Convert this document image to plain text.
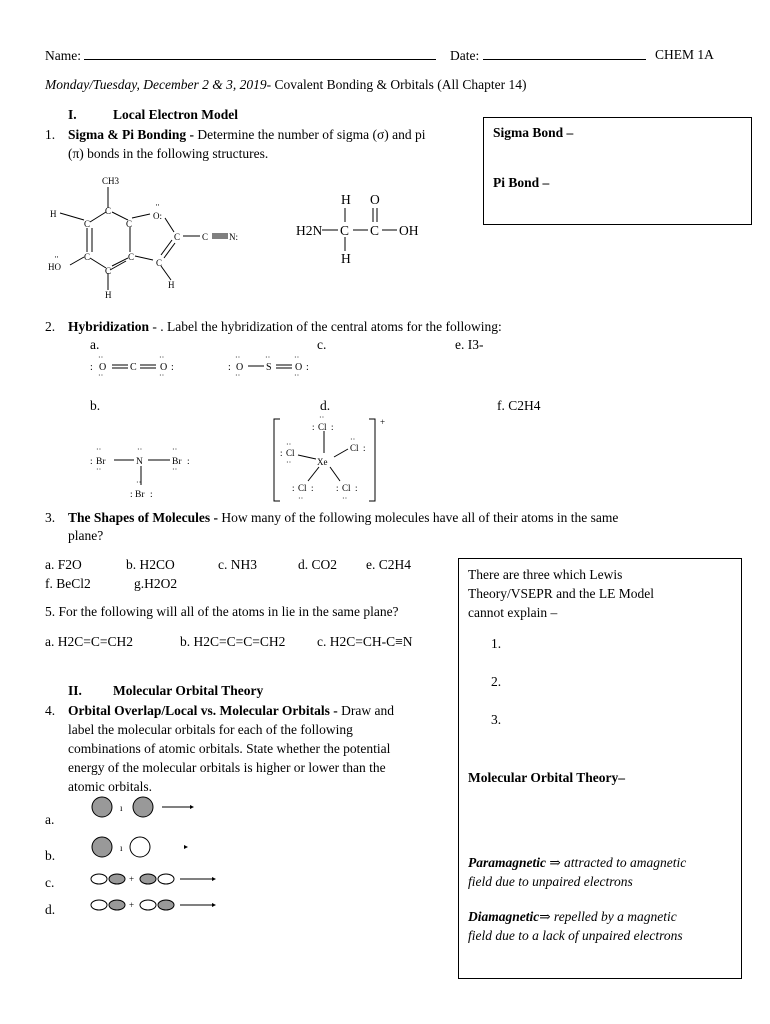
Name:	Date:	CHEM 1A
Monday/Tuesday, December 2 & 3, 2019- Covalent Bonding & Orbitals (All Chapter 14)
I.	Local Electron Model
1. Sigma & Pi Bonding - Determine the number of sigma (σ) and pi
(π) bonds in the following structures.
Sigma Bond –
Pi Bond –
CH3
H
C
C
C
C
C
C
O:
··
C
C
C N:
HO
··
H
H
H O
H2N C C OH
H
2. Hybridization - . Label the hybridization of the central atoms for the following:
a.	c.	e. I3-
b.	d.	f. C2H4
: O C O :
··
··
··
··
: O S O :
··
··
··	··
··
: Br	N	Br :
: Br :
··
··
··	··
··
··
+
: Cl :
: Cl	Cl :
Xe
: Cl : : Cl :
··
··
··
··
··	··
3. The Shapes of Molecules - How many of the following molecules have all of their atoms in the same
plane?
a. F2O	b. H2CO	c. NH3	d. CO2 e. C2H4
f. BeCl2	g.H2O2
5. For the following will all of the atoms in lie in the same plane?
a. H2C=C=CH2	b. H2C=C=C=CH2 c. H2C=CH-C≡N
There are three which Lewis
Theory/VSEPR and the LE Model
cannot explain –
1.
2.
3.
Molecular Orbital Theory–
Paramagnetic ⇒ attracted to amagnetic
field due to unpaired electrons
Diamagnetic⇒ repelled by a magnetic
field due to a lack of unpaired electrons
II. Molecular Orbital Theory
4. Orbital Overlap/Local vs. Molecular Orbitals - Draw and
label the molecular orbitals for each of the following
combinations of atomic orbitals. State whether the potential
energy of the molecular orbitals is higher or lower than the
atomic orbitals.
a.
b.
c.
d.
ı
ı
+
+
